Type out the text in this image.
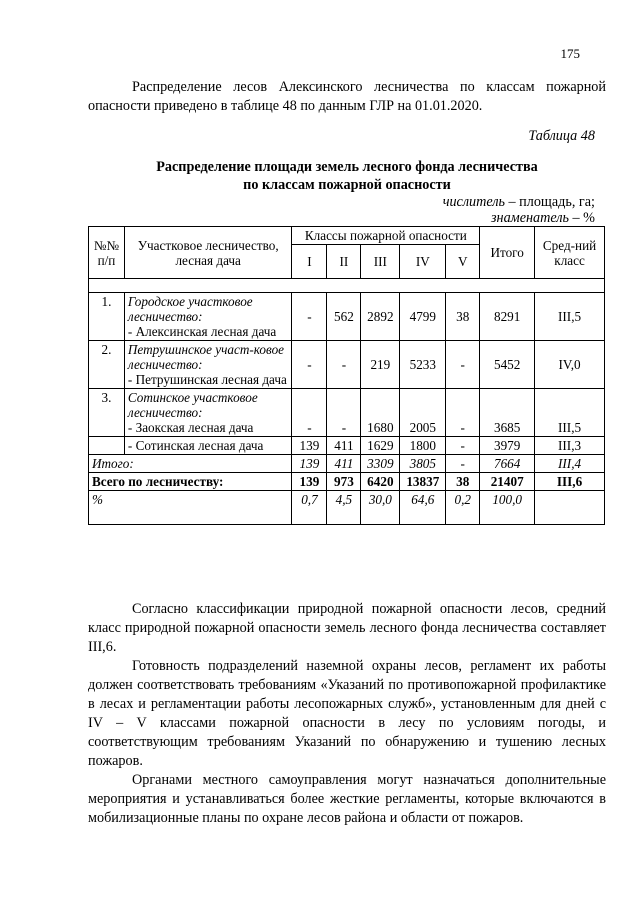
175
Распределение лесов Алексинского лесничества по классам пожарной опасности приведено в таблице 48 по данным ГЛР на 01.01.2020.
Таблица 48
Распределение площади земель лесного фонда лесничества
по классам пожарной опасности
числитель – площадь, га;
знаменатель – %
№№ п/п	Участковое лесничество, лесная дача	Классы пожарной опасности					Итого	Сред-ний класс
		I	II	III	IV	V		

1.	Городское участковое лесничество:
- Алексинская лесная дача	-	562	2892	4799	38	8291	III,5
2.	Петрушинское участ-ковое лесничество:
- Петрушинская лесная дача	-	-	219	5233	-	5452	IV,0
3.	Сотинское участковое лесничество:
- Заокская лесная дача	-	-	1680	2005	-	3685	III,5
	- Сотинская лесная дача	139	411	1629	1800	-	3979	III,3
Итого:		139	411	3309	3805	-	7664	III,4
Всего по лесничеству:		139	973	6420	13837	38	21407	III,6
%		0,7	4,5	30,0	64,6	0,2	100,0	

Согласно классификации природной пожарной опасности лесов, средний класс природной пожарной опасности земель лесного фонда лесничества составляет III,6.

Готовность подразделений наземной охраны лесов, регламент их работы должен соответствовать требованиям «Указаний по противопожарной профилактике в лесах и регламентации работы лесопожарных служб», установленным для дней с IV – V классами пожарной опасности в лесу по условиям погоды, и соответствующим требованиям Указаний по обнаружению и тушению лесных пожаров.

Органами местного самоуправления могут назначаться дополнительные мероприятия и устанавливаться более жесткие регламенты, которые включаются в мобилизационные планы по охране лесов района и области от пожаров.
